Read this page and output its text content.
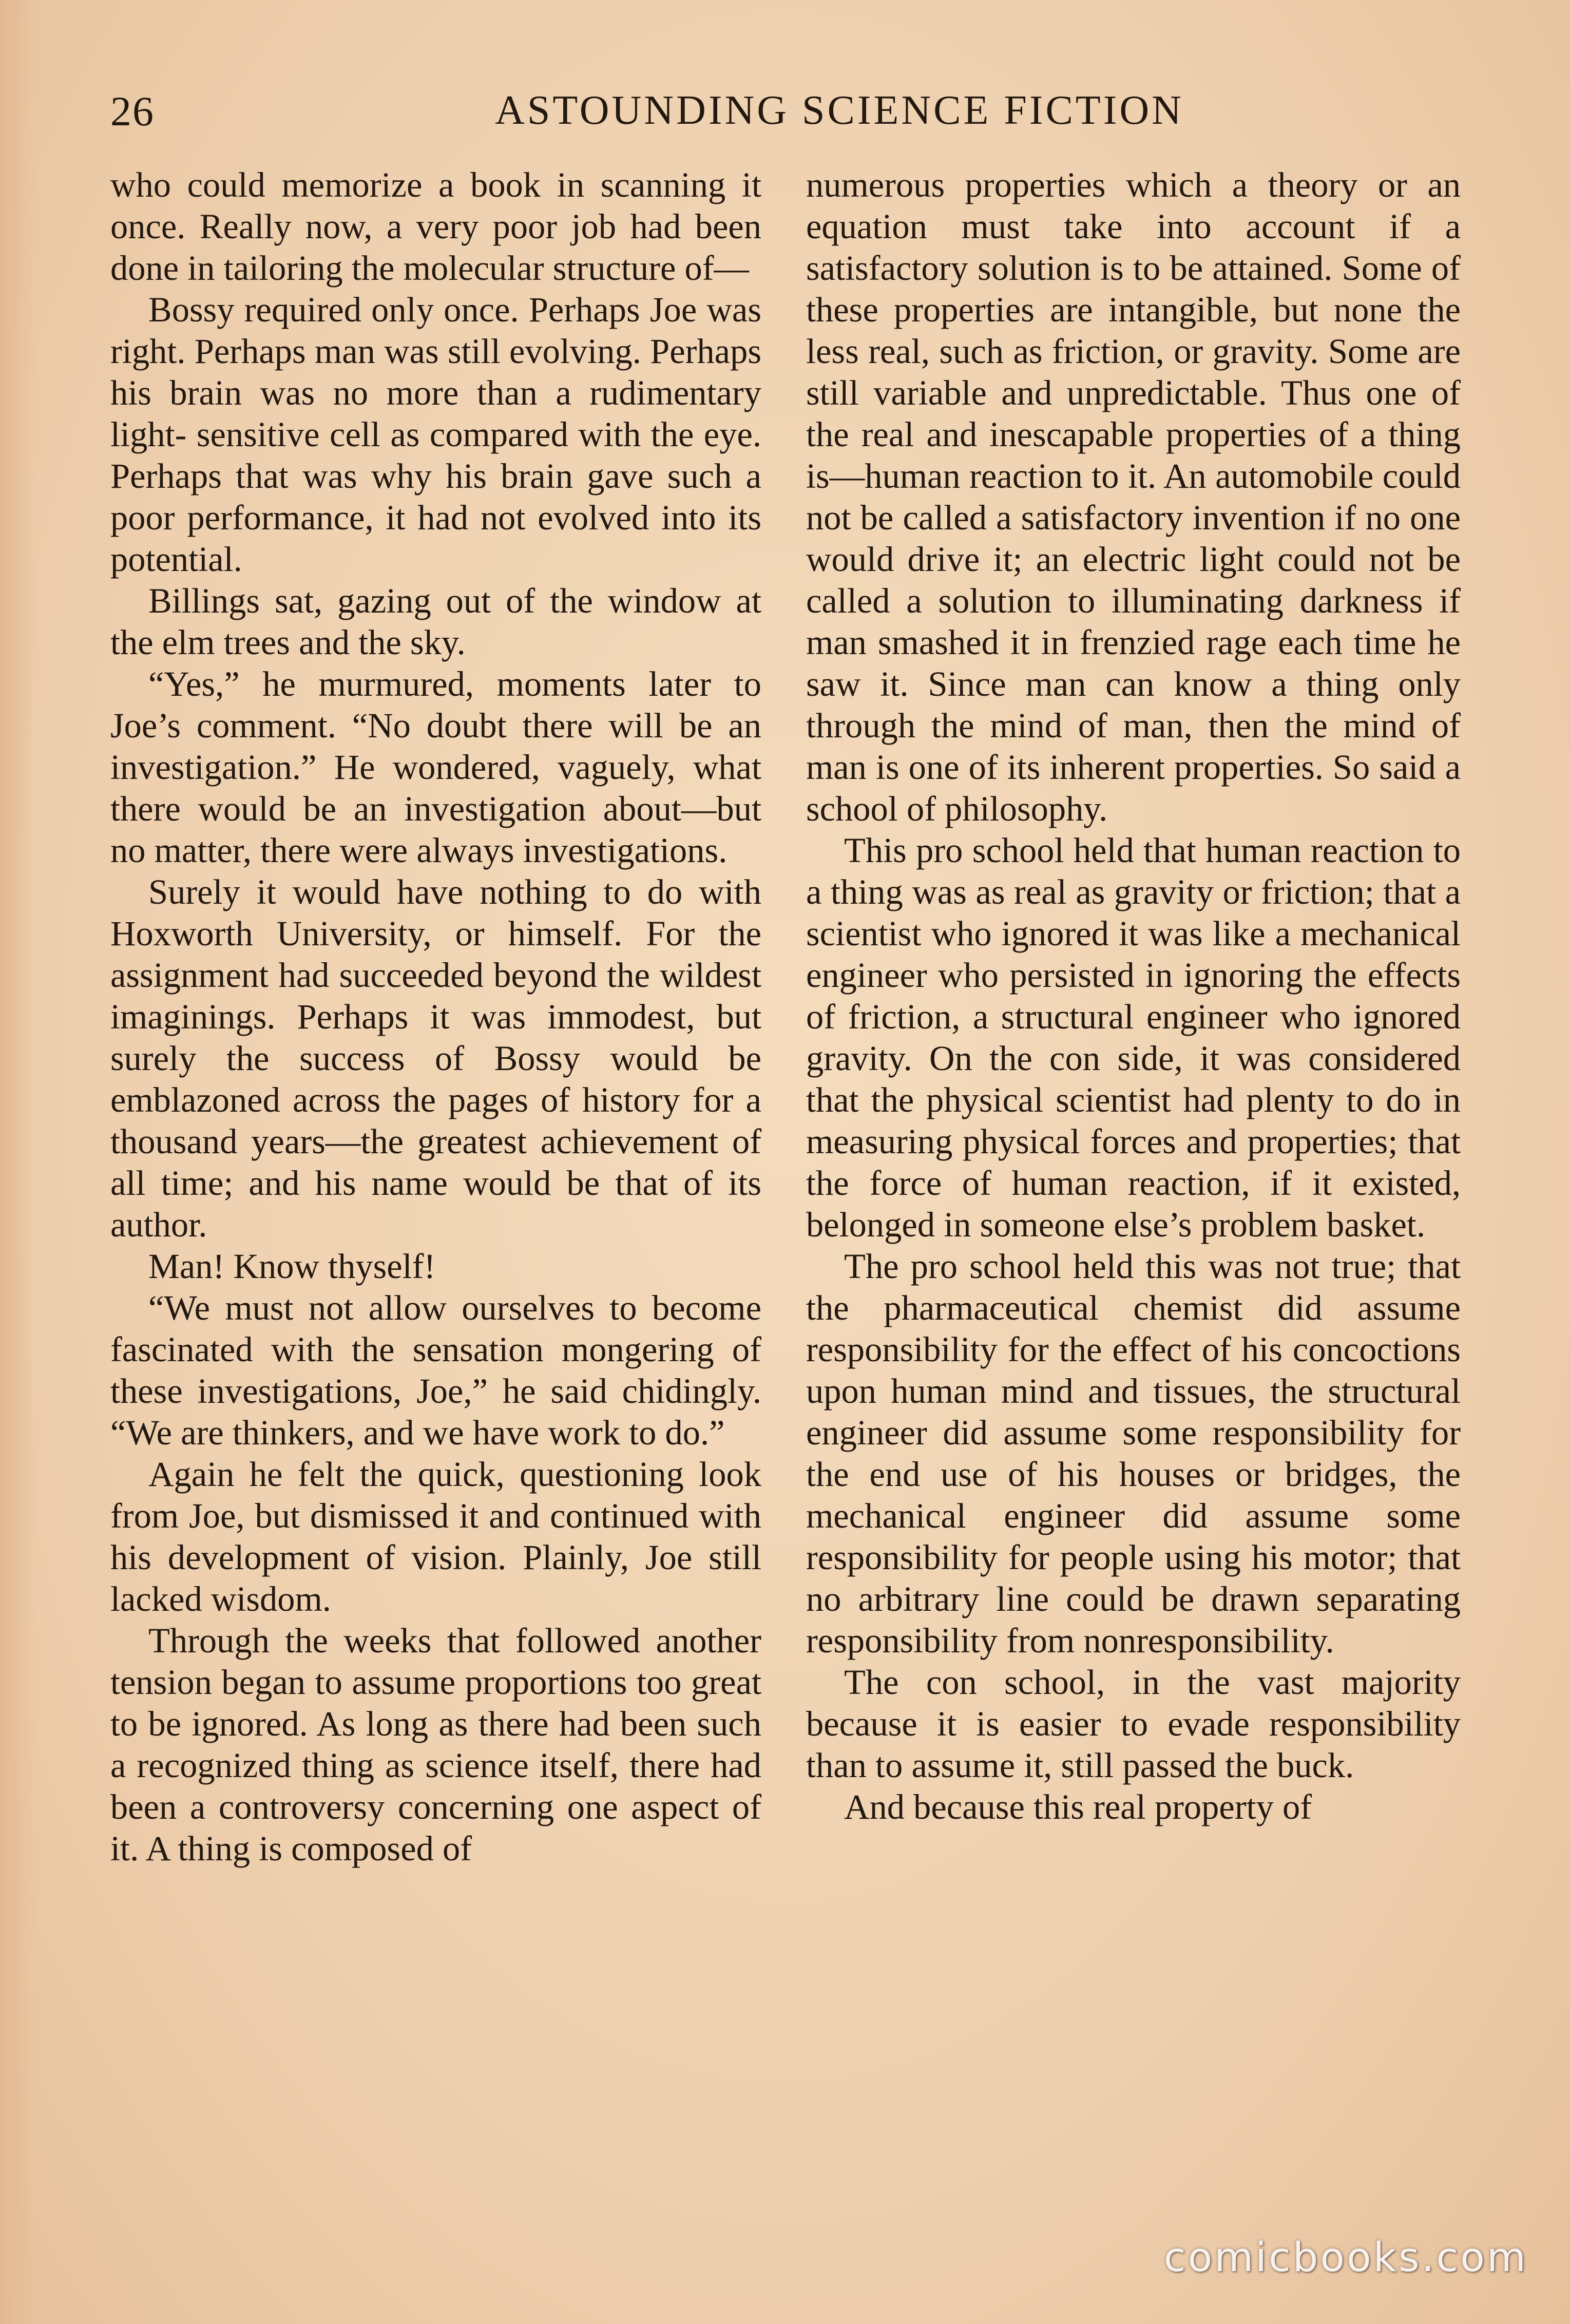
26	ASTOUNDING SCIENCE FICTION

who could memorize a book in scanning it once. Really now, a very poor job had been done in tailoring the molecular structure of—

Bossy required only once. Perhaps Joe was right. Perhaps man was still evolving. Perhaps his brain was no more than a rudimentary light- sensitive cell as compared with the eye. Perhaps that was why his brain gave such a poor performance, it had not evolved into its potential.

Billings sat, gazing out of the window at the elm trees and the sky.

“Yes,” he murmured, moments later to Joe’s comment. “No doubt there will be an investigation.” He wondered, vaguely, what there would be an investigation about—but no matter, there were always investigations.

Surely it would have nothing to do with Hoxworth University, or himself. For the assignment had succeeded beyond the wildest imaginings. Perhaps it was immodest, but surely the success of Bossy would be emblazoned across the pages of history for a thousand years—the greatest achievement of all time; and his name would be that of its author.

Man! Know thyself!

“We must not allow ourselves to become fascinated with the sensation mongering of these investigations, Joe,” he said chidingly. “We are thinkers, and we have work to do.”

Again he felt the quick, questioning look from Joe, but dismissed it and continued with his development of vision. Plainly, Joe still lacked wisdom.

Through the weeks that followed another tension began to assume proportions too great to be ignored. As long as there had been such a recognized thing as science itself, there had been a controversy concerning one aspect of it. A thing is composed of

numerous properties which a theory or an equation must take into account if a satisfactory solution is to be attained. Some of these properties are intangible, but none the less real, such as friction, or gravity. Some are still variable and unpredictable. Thus one of the real and inescapable properties of a thing is—human reaction to it. An automobile could not be called a satisfactory invention if no one would drive it; an electric light could not be called a solution to illuminating darkness if man smashed it in frenzied rage each time he saw it. Since man can know a thing only through the mind of man, then the mind of man is one of its inherent properties. So said a school of philosophy.

This pro school held that human reaction to a thing was as real as gravity or friction; that a scientist who ignored it was like a mechanical engineer who persisted in ignoring the effects of friction, a structural engineer who ignored gravity. On the con side, it was considered that the physical scientist had plenty to do in measuring physical forces and properties; that the force of human reaction, if it existed, belonged in someone else’s problem basket.

The pro school held this was not true; that the pharmaceutical chemist did assume responsibility for the effect of his concoctions upon human mind and tissues, the structural engineer did assume some responsibility for the end use of his houses or bridges, the mechanical engineer did assume some responsibility for people using his motor; that no arbitrary line could be drawn separating responsibility from nonresponsibility.

The con school, in the vast majority because it is easier to evade responsibility than to assume it, still passed the buck.

And because this real property of

comicbooks.com
